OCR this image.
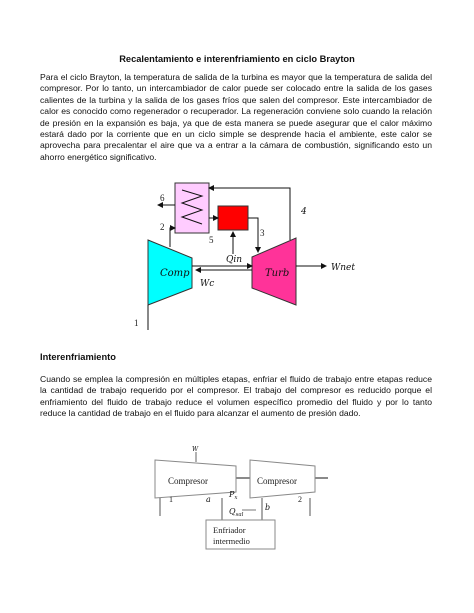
Recalentamiento e interenfriamiento en ciclo Brayton
Para el ciclo Brayton, la temperatura de salida de la turbina es mayor que la temperatura de salida del compresor. Por lo tanto, un intercambiador de calor puede ser colocado entre la salida de los gases calientes de la turbina y la salida de los gases fríos que salen del compresor. Este intercambiador de calor es conocido como regenerador o recuperador. La regeneración conviene solo cuando la relación de presión en la expansión es baja, ya que de esta manera se puede asegurar que el calor máximo estará dado por la corriente que en un ciclo simple se desprende hacia el ambiente, este calor se aprovecha para precalentar el aire que va a entrar a la cámara de combustión, significando esto un ahorro energético significativo.
Interenfriamiento
Cuando se emplea la compresión en múltiples etapas, enfriar el fluido de trabajo entre etapas reduce la cantidad de trabajo requerido por el compresor. El trabajo del compresor es reducido porque el enfriamiento del fluido de trabajo reduce el volumen específico promedio del fluido y por lo tanto reduce la cantidad de trabajo en el fluido para alcanzar el aumento de presión dado.
Comp	Turb
Wc
Wnet
1
2
5
3
Qin
4
6
Compresor	Compresor
W
1	2
a
b
$P_x$
$Q_{sal}$
Enfriador
intermedio
